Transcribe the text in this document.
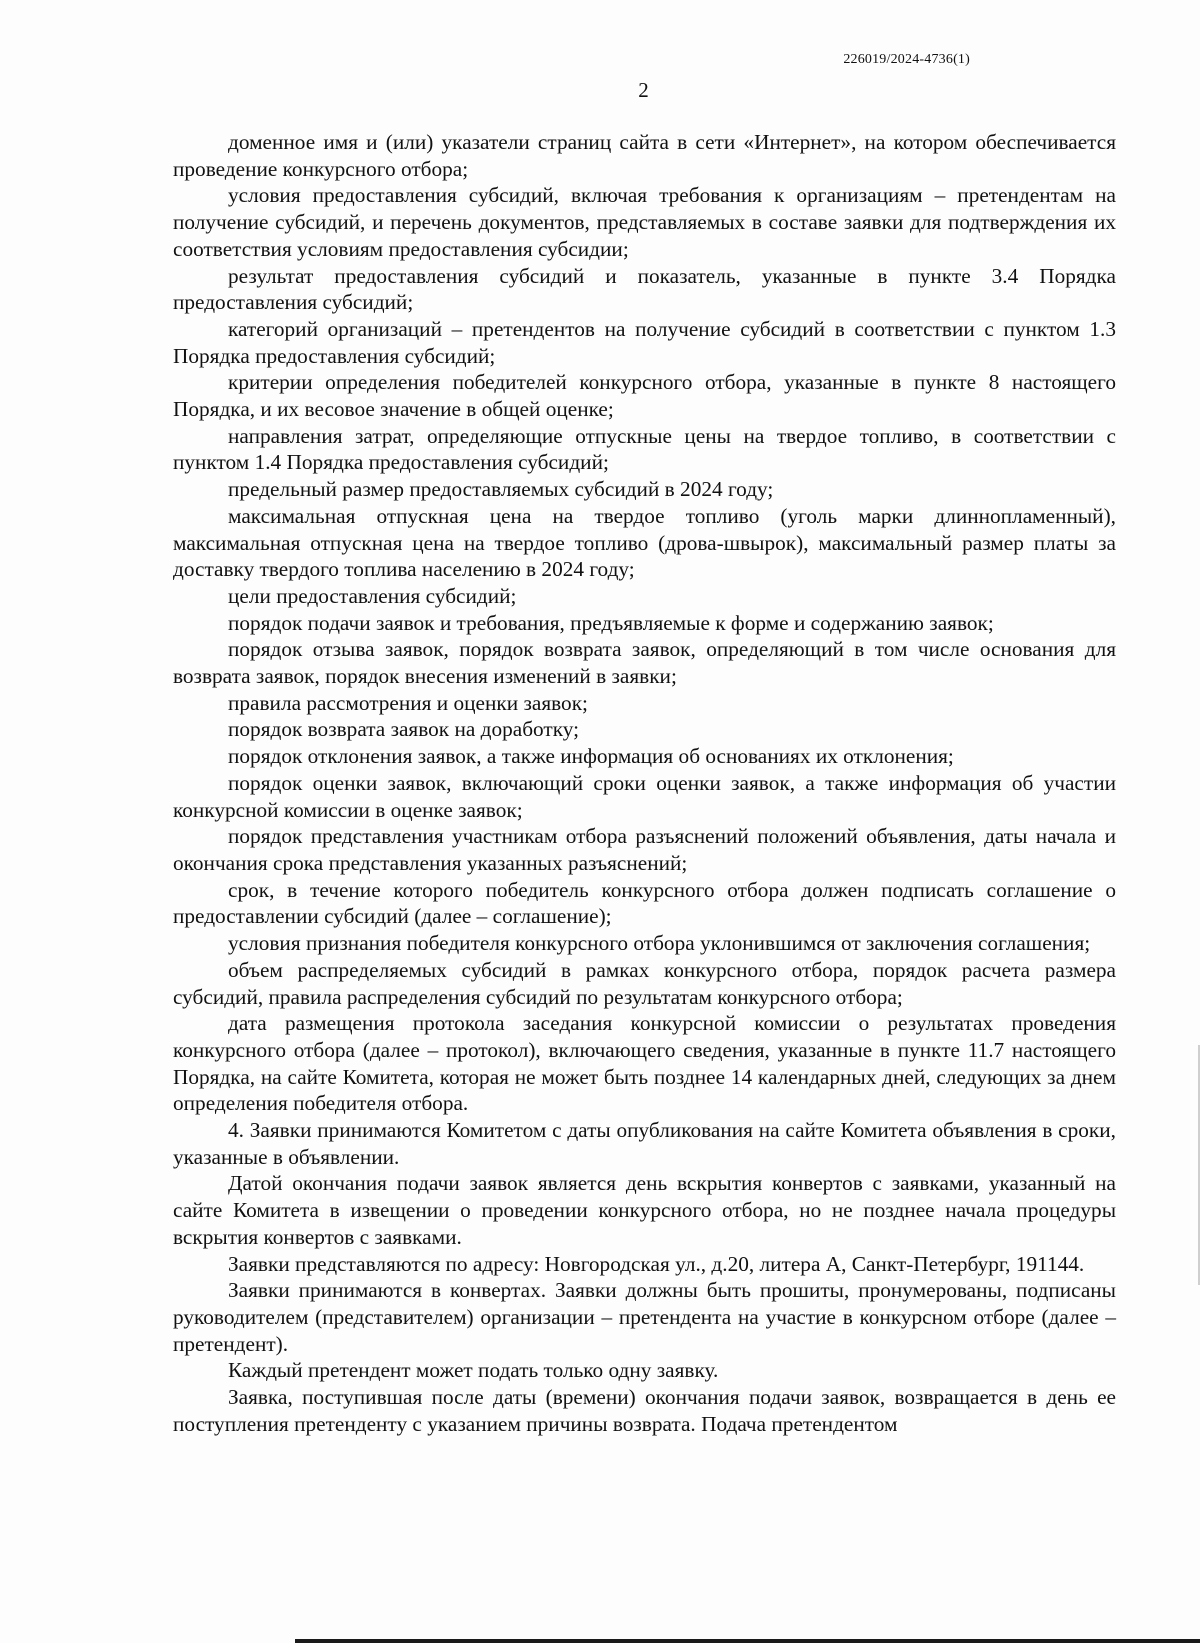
226019/2024-4736(1)
2

доменное имя и (или) указатели страниц сайта в сети «Интернет», на котором обеспечивается проведение конкурсного отбора;

условия предоставления субсидий, включая требования к организациям – претендентам на получение субсидий, и перечень документов, представляемых в составе заявки для подтверждения их соответствия условиям предоставления субсидии;

результат предоставления субсидий и показатель, указанные в пункте 3.4 Порядка предоставления субсидий;

категорий организаций – претендентов на получение субсидий в соответствии с пунктом 1.3 Порядка предоставления субсидий;

критерии определения победителей конкурсного отбора, указанные в пункте 8 настоящего Порядка, и их весовое значение в общей оценке;

направления затрат, определяющие отпускные цены на твердое топливо, в соответствии с пунктом 1.4 Порядка предоставления субсидий;

предельный размер предоставляемых субсидий в 2024 году;

максимальная отпускная цена на твердое топливо (уголь марки длиннопламенный), максимальная отпускная цена на твердое топливо (дрова-швырок), максимальный размер платы за доставку твердого топлива населению в 2024 году;

цели предоставления субсидий;

порядок подачи заявок и требования, предъявляемые к форме и содержанию заявок;

порядок отзыва заявок, порядок возврата заявок, определяющий в том числе основания для возврата заявок, порядок внесения изменений в заявки;

правила рассмотрения и оценки заявок;

порядок возврата заявок на доработку;

порядок отклонения заявок, а также информация об основаниях их отклонения;

порядок оценки заявок, включающий сроки оценки заявок, а также информация об участии конкурсной комиссии в оценке заявок;

порядок представления участникам отбора разъяснений положений объявления, даты начала и окончания срока представления указанных разъяснений;

срок, в течение которого победитель конкурсного отбора должен подписать соглашение о предоставлении субсидий (далее – соглашение);

условия признания победителя конкурсного отбора уклонившимся от заключения соглашения;

объем распределяемых субсидий в рамках конкурсного отбора, порядок расчета размера субсидий, правила распределения субсидий по результатам конкурсного отбора;

дата размещения протокола заседания конкурсной комиссии о результатах проведения конкурсного отбора (далее – протокол), включающего сведения, указанные в пункте 11.7 настоящего Порядка, на сайте Комитета, которая не может быть позднее 14 календарных дней, следующих за днем определения победителя отбора.

4. Заявки принимаются Комитетом с даты опубликования на сайте Комитета объявления в сроки, указанные в объявлении.

Датой окончания подачи заявок является день вскрытия конвертов с заявками, указанный на сайте Комитета в извещении о проведении конкурсного отбора, но не позднее начала процедуры вскрытия конвертов с заявками.

Заявки представляются по адресу: Новгородская ул., д.20, литера А, Санкт-Петербург, 191144.

Заявки принимаются в конвертах. Заявки должны быть прошиты, пронумерованы, подписаны руководителем (представителем) организации – претендента на участие в конкурсном отборе (далее – претендент).

Каждый претендент может подать только одну заявку.

Заявка, поступившая после даты (времени) окончания подачи заявок, возвращается в день ее поступления претенденту с указанием причины возврата. Подача претендентом
